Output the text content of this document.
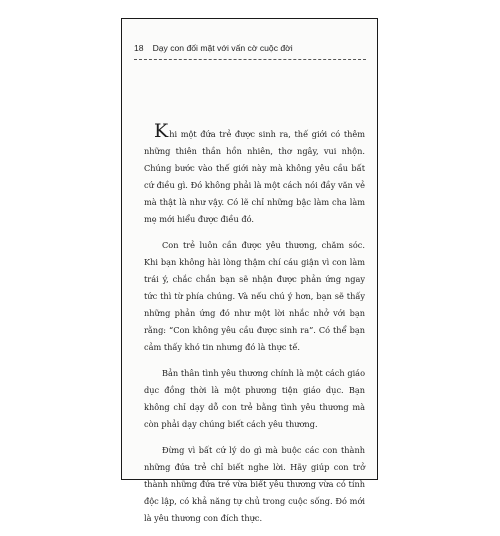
18 Dạy con đối mặt với vấn cờ cuộc đời

Khi một đứa trẻ được sinh ra, thế giới có thêm những thiên thần hồn nhiên, thơ ngây, vui nhộn. Chúng bước vào thế giới này mà không yêu cầu bất cứ điều gì. Đó không phải là một cách nói đầy văn vẻ mà thật là như vậy. Có lẽ chỉ những bậc làm cha làm mẹ mới hiểu được điều đó.

Con trẻ luôn cần được yêu thương, chăm sóc. Khi bạn không hài lòng thậm chí cáu giận vì con làm trái ý, chắc chắn bạn sẽ nhận được phản ứng ngay tức thì từ phía chúng. Và nếu chú ý hơn, bạn sẽ thấy những phản ứng đó như một lời nhắc nhở với bạn rằng: “Con không yêu cầu được sinh ra”. Có thể bạn cảm thấy khó tin nhưng đó là thực tế.

Bản thân tình yêu thương chính là một cách giáo dục đồng thời là một phương tiện giáo dục. Bạn không chỉ dạy dỗ con trẻ bằng tình yêu thương mà còn phải dạy chúng biết cách yêu thương.

Đừng vì bất cứ lý do gì mà buộc các con thành những đứa trẻ chỉ biết nghe lời. Hãy giúp con trở thành những đứa trẻ vừa biết yêu thương vừa có tính độc lập, có khả năng tự chủ trong cuộc sống. Đó mới là yêu thương con đích thực.
